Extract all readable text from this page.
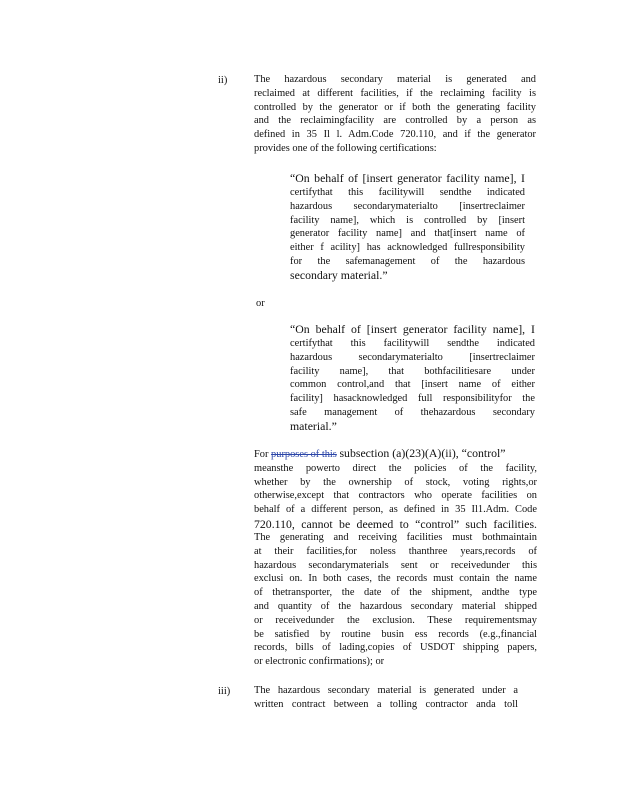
ii)	The hazardous secondary material is generated and
reclaimed at different facilities, if the reclaiming facility is
controlled by the generator or if both the generating facility
and the reclaimingfacility are controlled by a person as
defined in 35 Il l. Adm.Code 720.110, and if the generator
provides one of the following certifications:
“On behalf of [insert generator facility name], I
certifythat this facilitywill sendthe indicated
hazardous secondarymaterialto [insertreclaimer
facility name], which is controlled by [insert
generator facility name] and that[insert name of
either f acility] has acknowledged fullresponsibility
for the safemanagement of the hazardous
secondary material.”
or
“On behalf of [insert generator facility name], I
certifythat this facilitywill sendthe indicated
hazardous secondarymaterialto [insertreclaimer
facility name], that bothfacilitiesare under
common control,and that [insert name of either
facility] hasacknowledged full responsibilityfor the
safe management of thehazardous secondary
material.”
For purposes of this subsection (a)(23)(A)(ii), “control”
meansthe powerto direct the policies of the facility,
whether by the ownership of stock, voting rights,or
otherwise,except that contractors who operate facilities on
behalf of a different person, as defined in 35 Il1.Adm. Code
720.110, cannot be deemed to “control” such facilities.
The generating and receiving facilities must bothmaintain
at their facilities,for noless thanthree years,records of
hazardous secondarymaterials sent or receivedunder this
exclusi on. In both cases, the records must contain the name
of thetransporter, the date of the shipment, andthe type
and quantity of the hazardous secondary material shipped
or receivedunder the exclusion. These requirementsmay
be satisfied by routine busin ess records (e.g.,financial
records, bills of lading,copies of USDOT shipping papers,
or electronic confirmations); or
iii) The hazardous secondary material is generated under a
written contract between a tolling contractor anda toll
